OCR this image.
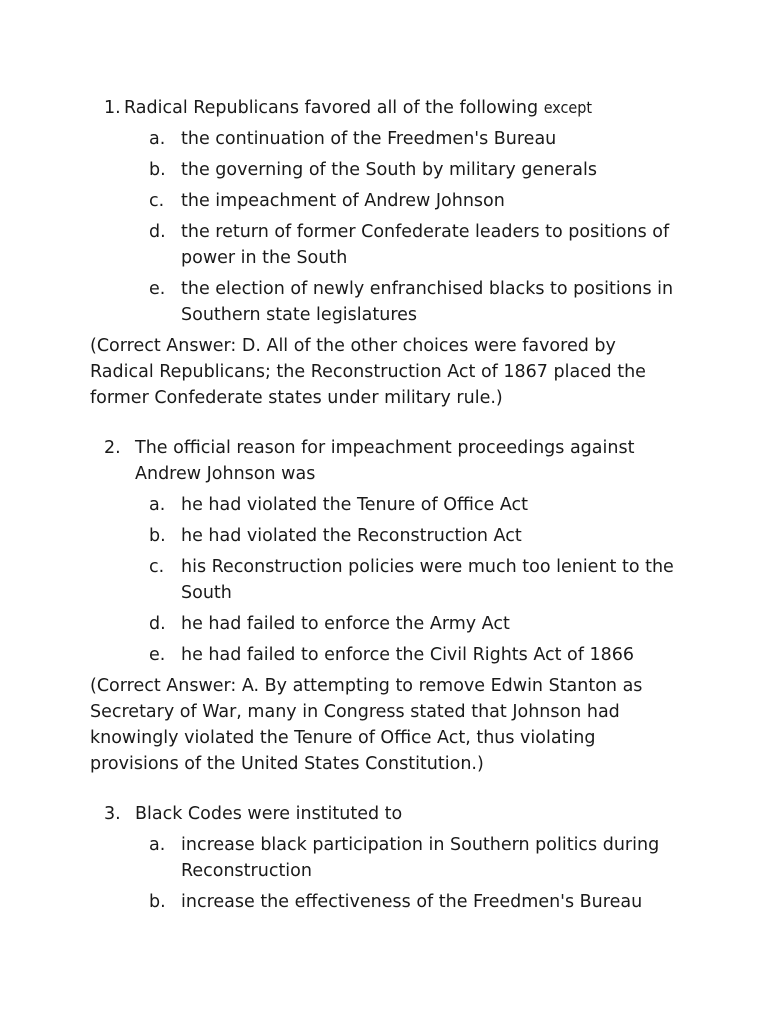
1. Radical Republicans favored all of the following except
a. the continuation of the Freedmen's Bureau
b. the governing of the South by military generals
c. the impeachment of Andrew Johnson
d. the return of former Confederate leaders to positions of power in the South
e. the election of newly enfranchised blacks to positions in Southern state legislatures

(Correct Answer: D. All of the other choices were favored by Radical Republicans; the Reconstruction Act of 1867 placed the former Confederate states under military rule.)

2. The official reason for impeachment proceedings against Andrew Johnson was
a. he had violated the Tenure of Office Act
b. he had violated the Reconstruction Act
c. his Reconstruction policies were much too lenient to the South
d. he had failed to enforce the Army Act
e. he had failed to enforce the Civil Rights Act of 1866

(Correct Answer: A. By attempting to remove Edwin Stanton as Secretary of War, many in Congress stated that Johnson had knowingly violated the Tenure of Office Act, thus violating provisions of the United States Constitution.)

3. Black Codes were instituted to
a. increase black participation in Southern politics during Reconstruction
b. increase the effectiveness of the Freedmen's Bureau
